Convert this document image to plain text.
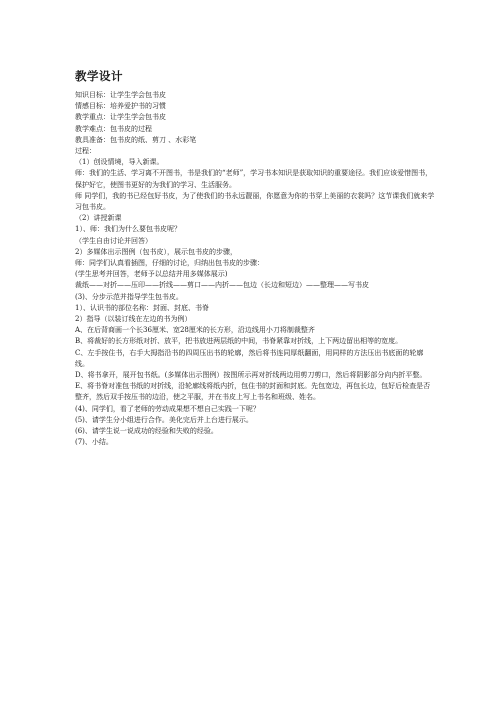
教学设计

知识目标：让学生学会包书皮

情感目标：培养爱护书的习惯

教学重点：让学生学会包书皮

教学难点：包书皮的过程

教具准备：包书皮的纸、剪刀 、水彩笔

过程：

（1）创设情境，导入新课。

师：我们的生活、学习离不开图书，书是我们的“老师”，学习书本知识是获取知识的重要途径。我们应该爱惜图书，保护好它，使图书更好的为我们的学习、生活服务。

师 同学们，我的书已经包好书皮，为了使我们的书永远靓丽，你愿意为你的书穿上美丽的衣裳吗？这节课我们就来学习包书皮。

（2）讲授新课

1）、师：我们为什么要包书皮呢？

（学生自由讨论并回答）

2）多媒体出示图例（包书皮），展示包书皮的步骤，

师：同学们认真看插图，仔细的讨论，归纳出包书皮的步骤：

(学生思考并回答，老师予以总结并用多媒体展示)

裁纸——对折——压印——折线——剪口——内折——包边（长边和短边）——整理——写书皮

(3)、分步示范并指导学生包书皮。

1）、认识书的部位名称：封面、封底、书脊

2）指导（以装订线在左边的书为例）

A、在后背商画一个长36厘米、宽28厘米的长方形，沿边线用小刀将制裁整齐

B、将裁好的长方形纸对折、放平，把书放进两层纸的中间，书脊紧靠对折线，上下两边留出相等的宽度。

C、左手按住书，右手大拇指沿书的四周压出书的轮廓，然后将书连同厚纸翻面，用同样的方法压出书底面的轮廓线。

D、将书拿开，展开包书纸。(多媒体出示图例）按图所示再对折线两边用剪刀剪口，然后将阴影部分向内折平整。

E、将书脊对准包书纸的对折线，沿轮廓线将纸内折，包住书的封面和封底。先包宽边，再包长边，包好后检查是否整齐，然后双手按压书的边沿，使之平服，并在书皮上写上书名和班级、姓名。

(4)、同学们，看了老师的劳动成果想不想自己实践一下呢？

(5)、请学生分小组进行合作。美化完后并上台进行展示。

(6)、请学生说一说成功的经验和失败的经验。

(7)、小结。
